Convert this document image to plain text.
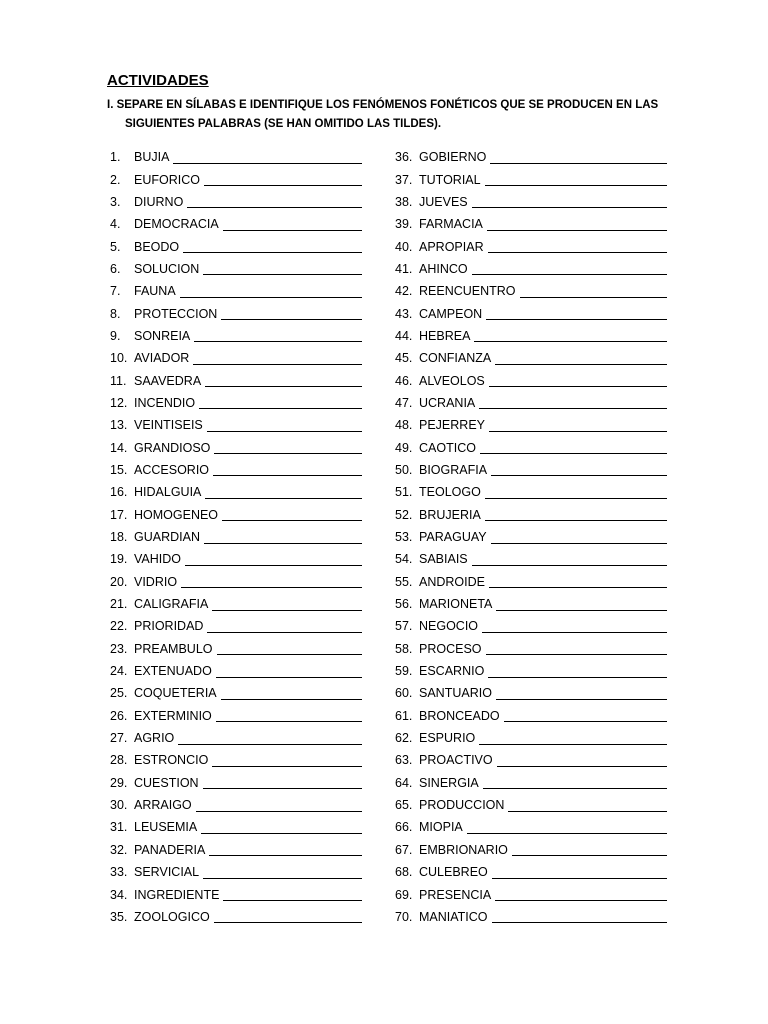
ACTIVIDADES
I. SEPARE EN SÍLABAS E IDENTIFIQUE LOS FENÓMENOS FONÉTICOS QUE SE PRODUCEN EN LAS
SIGUIENTES PALABRAS (SE HAN OMITIDO LAS TILDES).
1.	BUJIA
2.	EUFORICO
3.	DIURNO
4.	DEMOCRACIA
5.	BEODO
6.	SOLUCION
7.	FAUNA
8.	PROTECCION
9.	SONREIA
10. AVIADOR
11. SAAVEDRA
12. INCENDIO
13. VEINTISEIS
14. GRANDIOSO
15. ACCESORIO
16. HIDALGUIA
17. HOMOGENEO
18. GUARDIAN
19. VAHIDO
20. VIDRIO
21. CALIGRAFIA
22. PRIORIDAD
23. PREAMBULO
24. EXTENUADO
25. COQUETERIA
26. EXTERMINIO
27. AGRIO
28. ESTRONCIO
29. CUESTION
30. ARRAIGO
31. LEUSEMIA
32. PANADERIA
33. SERVICIAL
34. INGREDIENTE
35. ZOOLOGICO
36. GOBIERNO
37. TUTORIAL
38. JUEVES
39. FARMACIA
40. APROPIAR
41. AHINCO
42. REENCUENTRO
43. CAMPEON
44. HEBREA
45. CONFIANZA
46. ALVEOLOS
47. UCRANIA
48. PEJERREY
49. CAOTICO
50. BIOGRAFIA
51. TEOLOGO
52. BRUJERIA
53. PARAGUAY
54. SABIAIS
55. ANDROIDE
56. MARIONETA
57. NEGOCIO
58. PROCESO
59. ESCARNIO
60. SANTUARIO
61. BRONCEADO
62. ESPURIO
63. PROACTIVO
64. SINERGIA
65. PRODUCCION
66. MIOPIA
67. EMBRIONARIO
68. CULEBREO
69. PRESENCIA
70. MANIATICO
